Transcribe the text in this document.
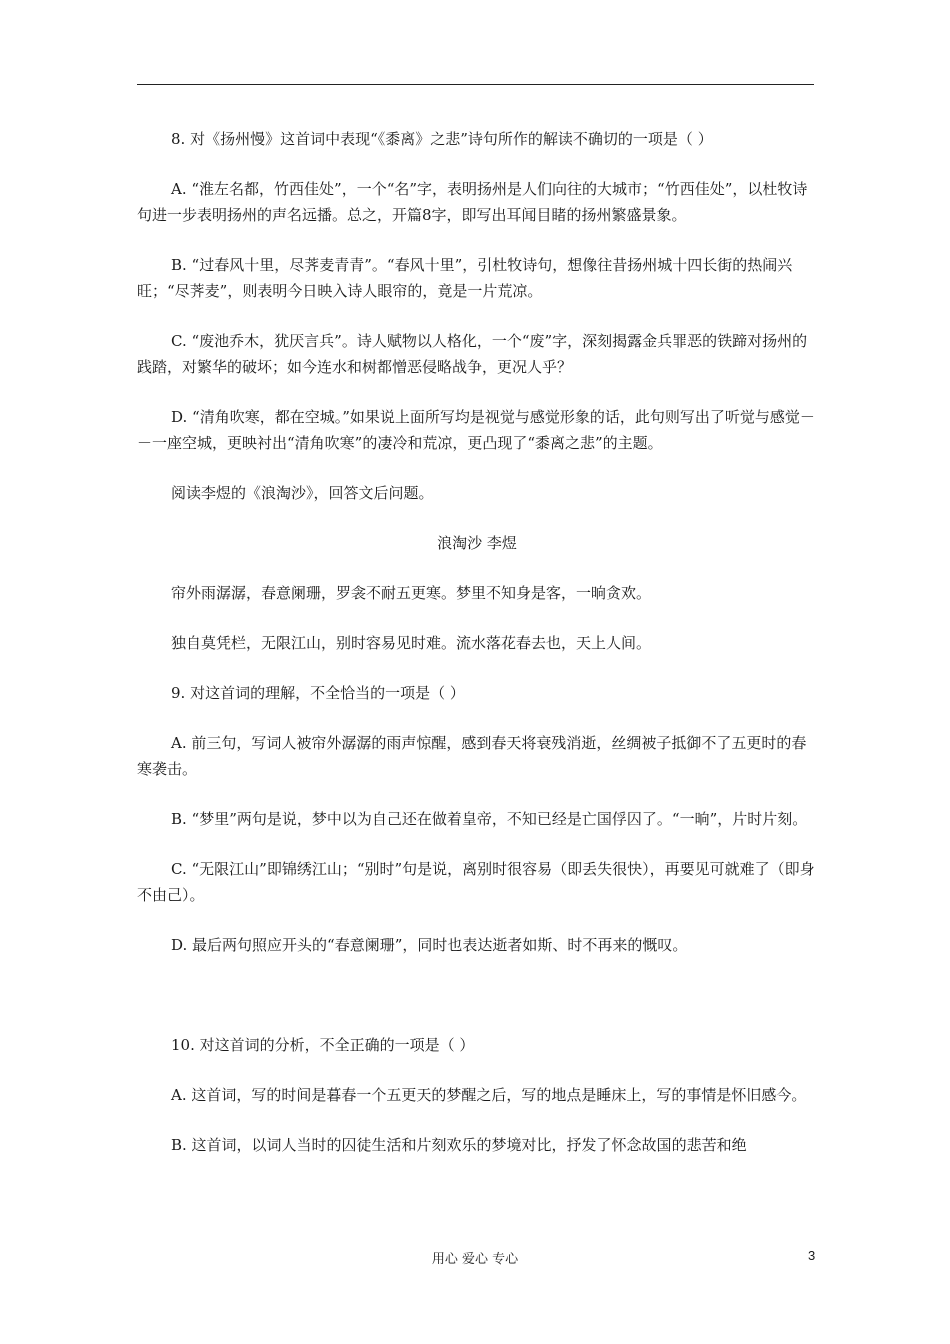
8. 对《扬州慢》这首词中表现“《黍离》之悲”诗句所作的解读不确切的一项是（ ）

A. “淮左名都，竹西佳处”，一个“名”字，表明扬州是人们向往的大城市；“竹西佳处”，以杜牧诗句进一步表明扬州的声名远播。总之，开篇8字，即写出耳闻目睹的扬州繁盛景象。

B. “过春风十里，尽荠麦青青”。“春风十里”，引杜牧诗句，想像往昔扬州城十四长街的热闹兴旺；“尽荠麦”，则表明今日映入诗人眼帘的，竟是一片荒凉。

C. “废池乔木，犹厌言兵”。诗人赋物以人格化，一个“废”字，深刻揭露金兵罪恶的铁蹄对扬州的践踏，对繁华的破坏；如今连水和树都憎恶侵略战争，更况人乎？

D. “清角吹寒，都在空城。”如果说上面所写均是视觉与感觉形象的话，此句则写出了听觉与感觉－－一座空城，更映衬出“清角吹寒”的凄冷和荒凉，更凸现了“黍离之悲”的主题。

阅读李煜的《浪淘沙》，回答文后问题。

浪淘沙 李煜

帘外雨潺潺，春意阑珊，罗衾不耐五更寒。梦里不知身是客，一晌贪欢。

独自莫凭栏，无限江山，别时容易见时难。流水落花春去也，天上人间。

9. 对这首词的理解，不全恰当的一项是（ ）

A. 前三句，写词人被帘外潺潺的雨声惊醒，感到春天将衰残消逝，丝绸被子抵御不了五更时的春寒袭击。

B. “梦里”两句是说，梦中以为自己还在做着皇帝，不知已经是亡国俘囚了。“一晌”，片时片刻。

C. “无限江山”即锦绣江山；“别时”句是说，离别时很容易（即丢失很快），再要见可就难了（即身不由己）。

D. 最后两句照应开头的“春意阑珊”，同时也表达逝者如斯、时不再来的慨叹。

10. 对这首词的分析，不全正确的一项是（ ）

A. 这首词，写的时间是暮春一个五更天的梦醒之后，写的地点是睡床上，写的事情是怀旧感今。

B. 这首词，以词人当时的囚徒生活和片刻欢乐的梦境对比，抒发了怀念故国的悲苦和绝

用心 爱心 专心	3
